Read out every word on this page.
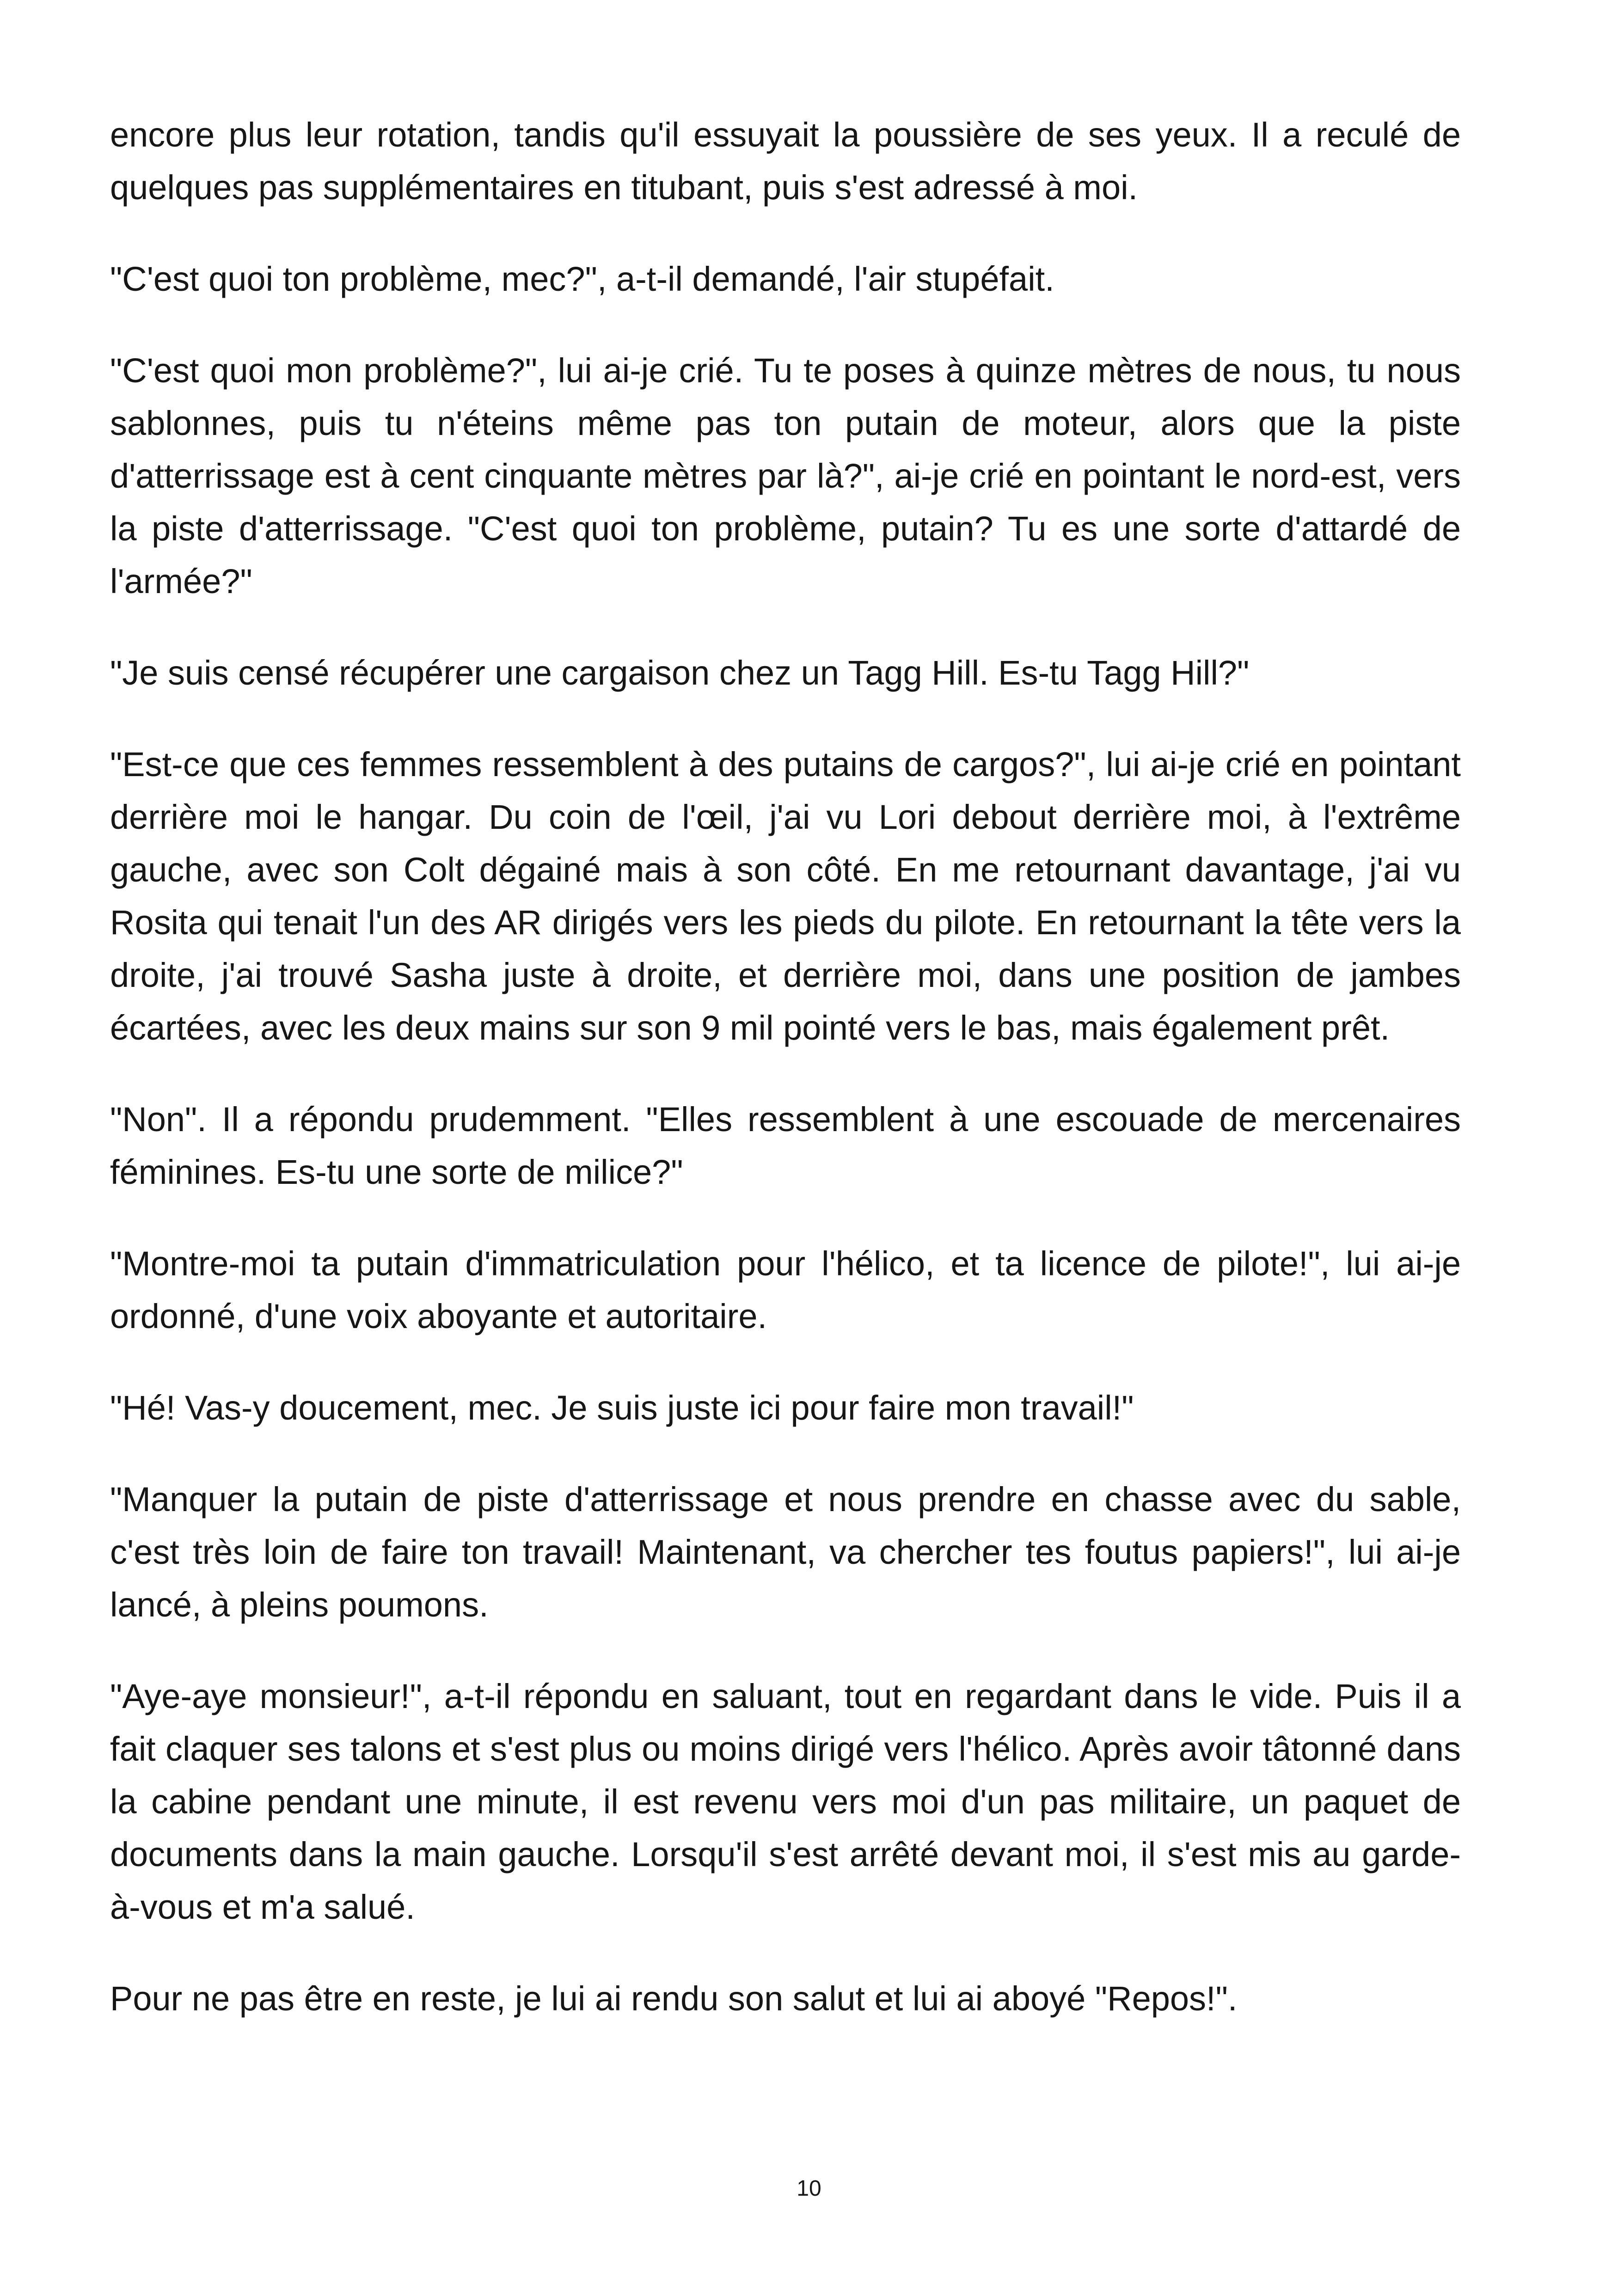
encore plus leur rotation, tandis qu'il essuyait la poussière de ses yeux. Il a reculé de quelques pas supplémentaires en titubant, puis s'est adressé à moi.

"C'est quoi ton problème, mec?", a-t-il demandé, l'air stupéfait.

"C'est quoi mon problème?", lui ai-je crié. Tu te poses à quinze mètres de nous, tu nous sablonnes, puis tu n'éteins même pas ton putain de moteur, alors que la piste d'atterrissage est à cent cinquante mètres par là?", ai-je crié en pointant le nord-est, vers la piste d'atterrissage. "C'est quoi ton problème, putain? Tu es une sorte d'attardé de l'armée?"

"Je suis censé récupérer une cargaison chez un Tagg Hill. Es-tu Tagg Hill?"

"Est-ce que ces femmes ressemblent à des putains de cargos?", lui ai-je crié en pointant derrière moi le hangar. Du coin de l'œil, j'ai vu Lori debout derrière moi, à l'extrême gauche, avec son Colt dégainé mais à son côté. En me retournant davantage, j'ai vu Rosita qui tenait l'un des AR dirigés vers les pieds du pilote. En retournant la tête vers la droite, j'ai trouvé Sasha juste à droite, et derrière moi, dans une position de jambes écartées, avec les deux mains sur son 9 mil pointé vers le bas, mais également prêt.

"Non". Il a répondu prudemment. "Elles ressemblent à une escouade de mercenaires féminines. Es-tu une sorte de milice?"

"Montre-moi ta putain d'immatriculation pour l'hélico, et ta licence de pilote!", lui ai-je ordonné, d'une voix aboyante et autoritaire.

"Hé! Vas-y doucement, mec. Je suis juste ici pour faire mon travail!"

"Manquer la putain de piste d'atterrissage et nous prendre en chasse avec du sable, c'est très loin de faire ton travail! Maintenant, va chercher tes foutus papiers!", lui ai-je lancé, à pleins poumons.

"Aye-aye monsieur!", a-t-il répondu en saluant, tout en regardant dans le vide. Puis il a fait claquer ses talons et s'est plus ou moins dirigé vers l'hélico. Après avoir tâtonné dans la cabine pendant une minute, il est revenu vers moi d'un pas militaire, un paquet de documents dans la main gauche. Lorsqu'il s'est arrêté devant moi, il s'est mis au garde-à-vous et m'a salué.

Pour ne pas être en reste, je lui ai rendu son salut et lui ai aboyé "Repos!".

10
